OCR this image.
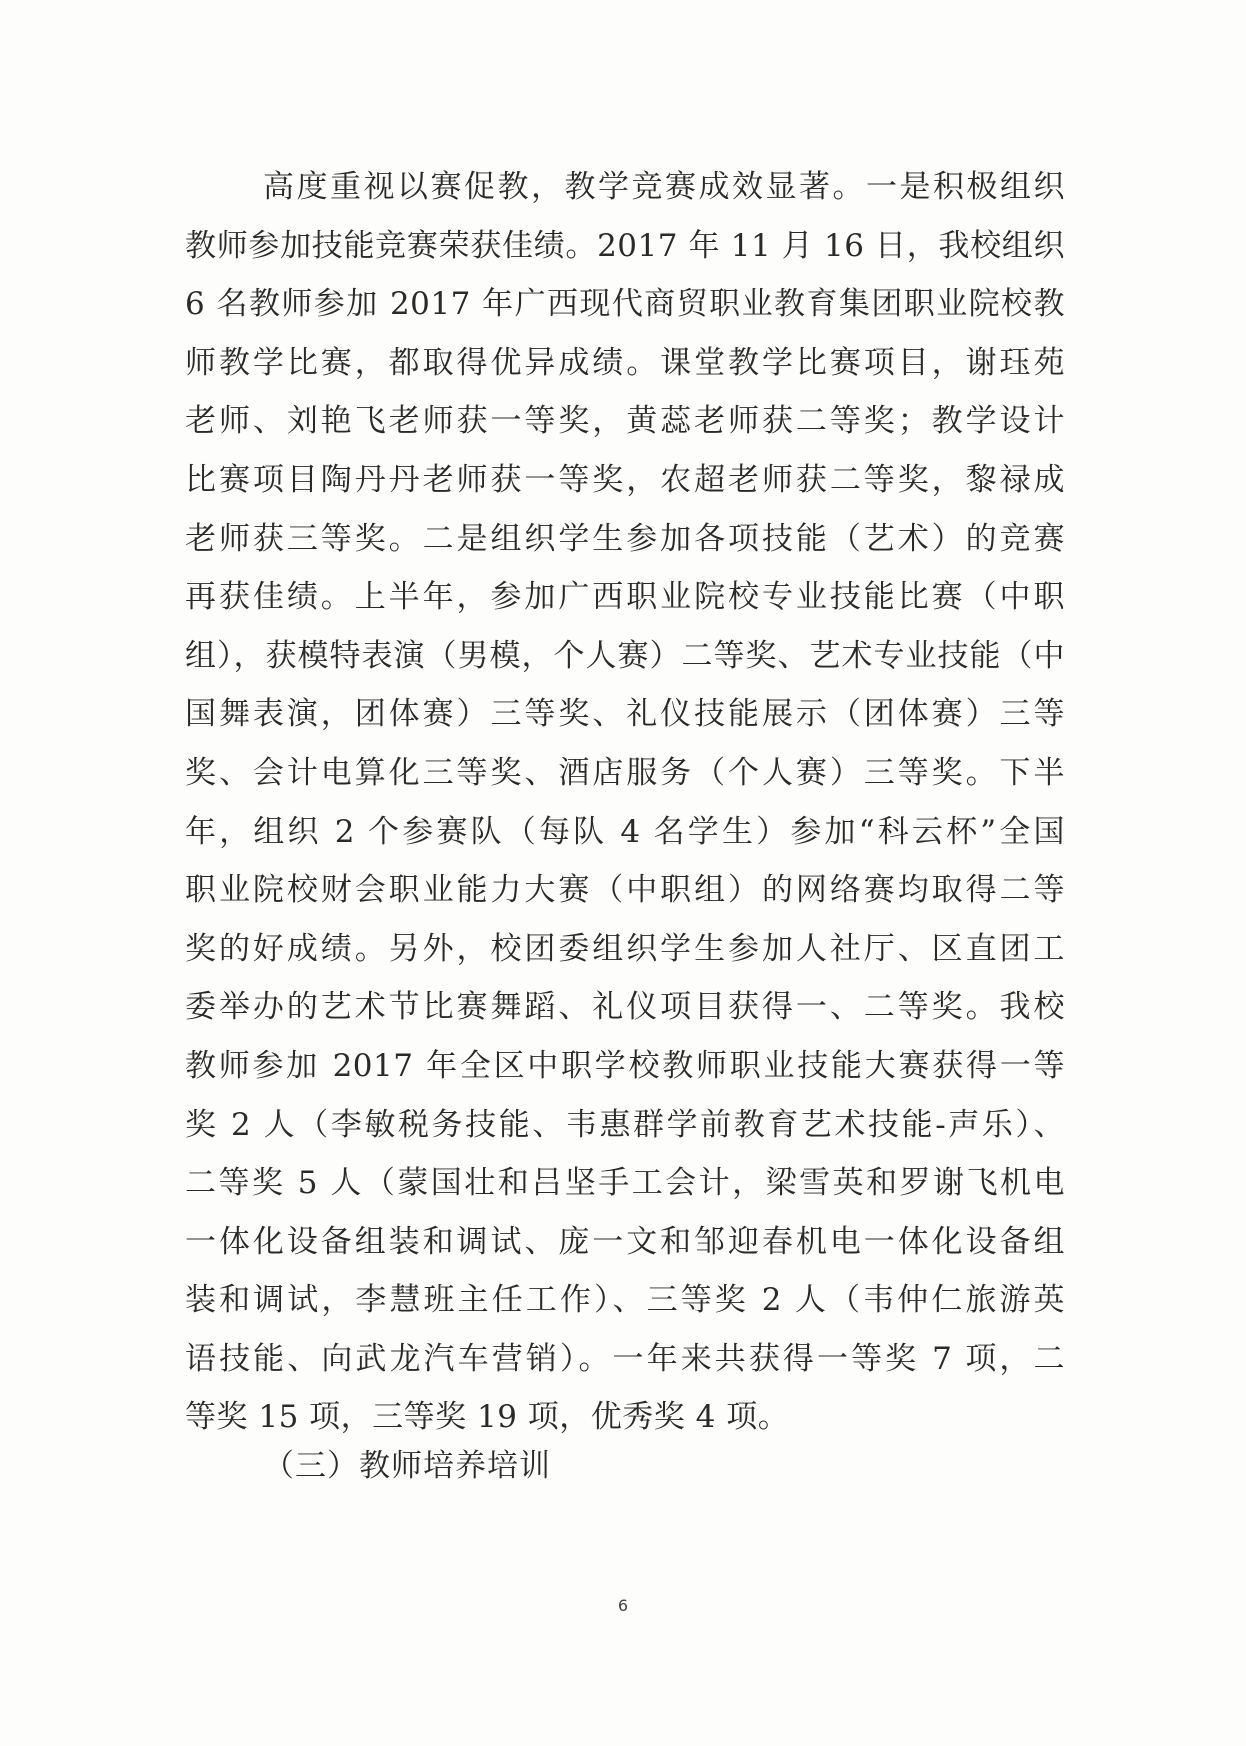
高度重视以赛促教，教学竞赛成效显著。一是积极组织
教师参加技能竞赛荣获佳绩。2017 年 11 月 16 日，我校组织
6 名教师参加 2017 年广西现代商贸职业教育集团职业院校教
师教学比赛，都取得优异成绩。课堂教学比赛项目，谢珏苑
老师、刘艳飞老师获一等奖，黄蕊老师获二等奖；教学设计
比赛项目陶丹丹老师获一等奖，农超老师获二等奖，黎禄成
老师获三等奖。二是组织学生参加各项技能（艺术）的竞赛
再获佳绩。上半年，参加广西职业院校专业技能比赛（中职
组），获模特表演（男模，个人赛）二等奖、艺术专业技能（中
国舞表演，团体赛）三等奖、礼仪技能展示（团体赛）三等
奖、会计电算化三等奖、酒店服务（个人赛）三等奖。下半
年，组织 2 个参赛队（每队 4 名学生）参加“科云杯”全国
职业院校财会职业能力大赛（中职组）的网络赛均取得二等
奖的好成绩。另外，校团委组织学生参加人社厅、区直团工
委举办的艺术节比赛舞蹈、礼仪项目获得一、二等奖。我校
教师参加 2017 年全区中职学校教师职业技能大赛获得一等
奖 2 人（李敏税务技能、韦惠群学前教育艺术技能-声乐）、
二等奖 5 人（蒙国壮和吕坚手工会计，梁雪英和罗谢飞机电
一体化设备组装和调试、庞一文和邹迎春机电一体化设备组
装和调试，李慧班主任工作）、三等奖 2 人（韦仲仁旅游英
语技能、向武龙汽车营销）。一年来共获得一等奖 7 项，二
等奖 15 项，三等奖 19 项，优秀奖 4 项。
（三）教师培养培训
6
